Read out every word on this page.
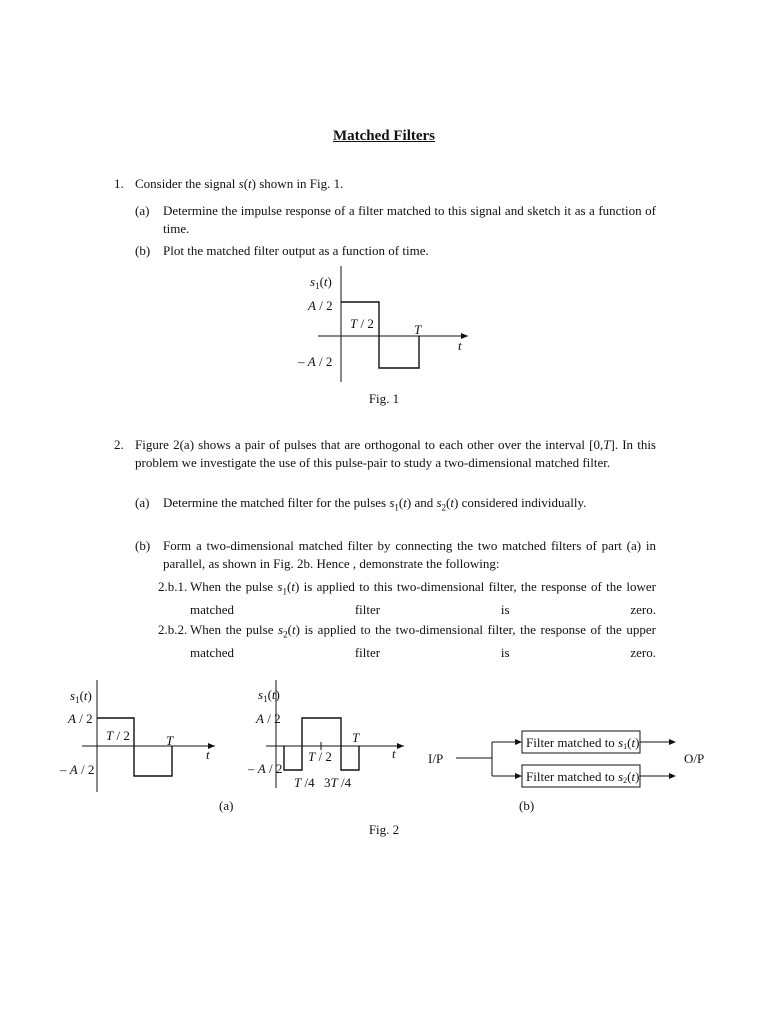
Matched Filters
1. Consider the signal s(t) shown in Fig. 1.
(a) Determine the impulse response of a filter matched to this signal and sketch it as a function of time.
(b) Plot the matched filter output as a function of time.
$s_1(t)$
A / 2
– A / 2
T / 2	T
t
Fig. 1
2. Figure 2(a) shows a pair of pulses that are orthogonal to each other over the interval [0,T]. In this problem we investigate the use of this pulse-pair to study a two-dimensional matched filter.
(a) Determine the matched filter for the pulses $s_1(t)$ and $s_2(t)$ considered individually.
(b) Form a two-dimensional matched filter by connecting the two matched filters of part (a) in parallel, as shown in Fig. 2b. Hence , demonstrate the following:
2.b.1. When the pulse $s_1(t)$ is applied to this two-dimensional filter, the response of the lower matched filter is zero.
2.b.2. When the pulse $s_2(t)$ is applied to the two-dimensional filter, the response of the upper matched filter is zero.
$s_1(t)$
A / 2
– A / 2
T / 2	T
t
$s_1(t)$
A / 2
– A / 2
T / 2
T
t
T /4 3T /4
Filter matched to s1(t)
Filter matched to s2(t)
I/P	O/P
(a)	(b)
Fig. 2
